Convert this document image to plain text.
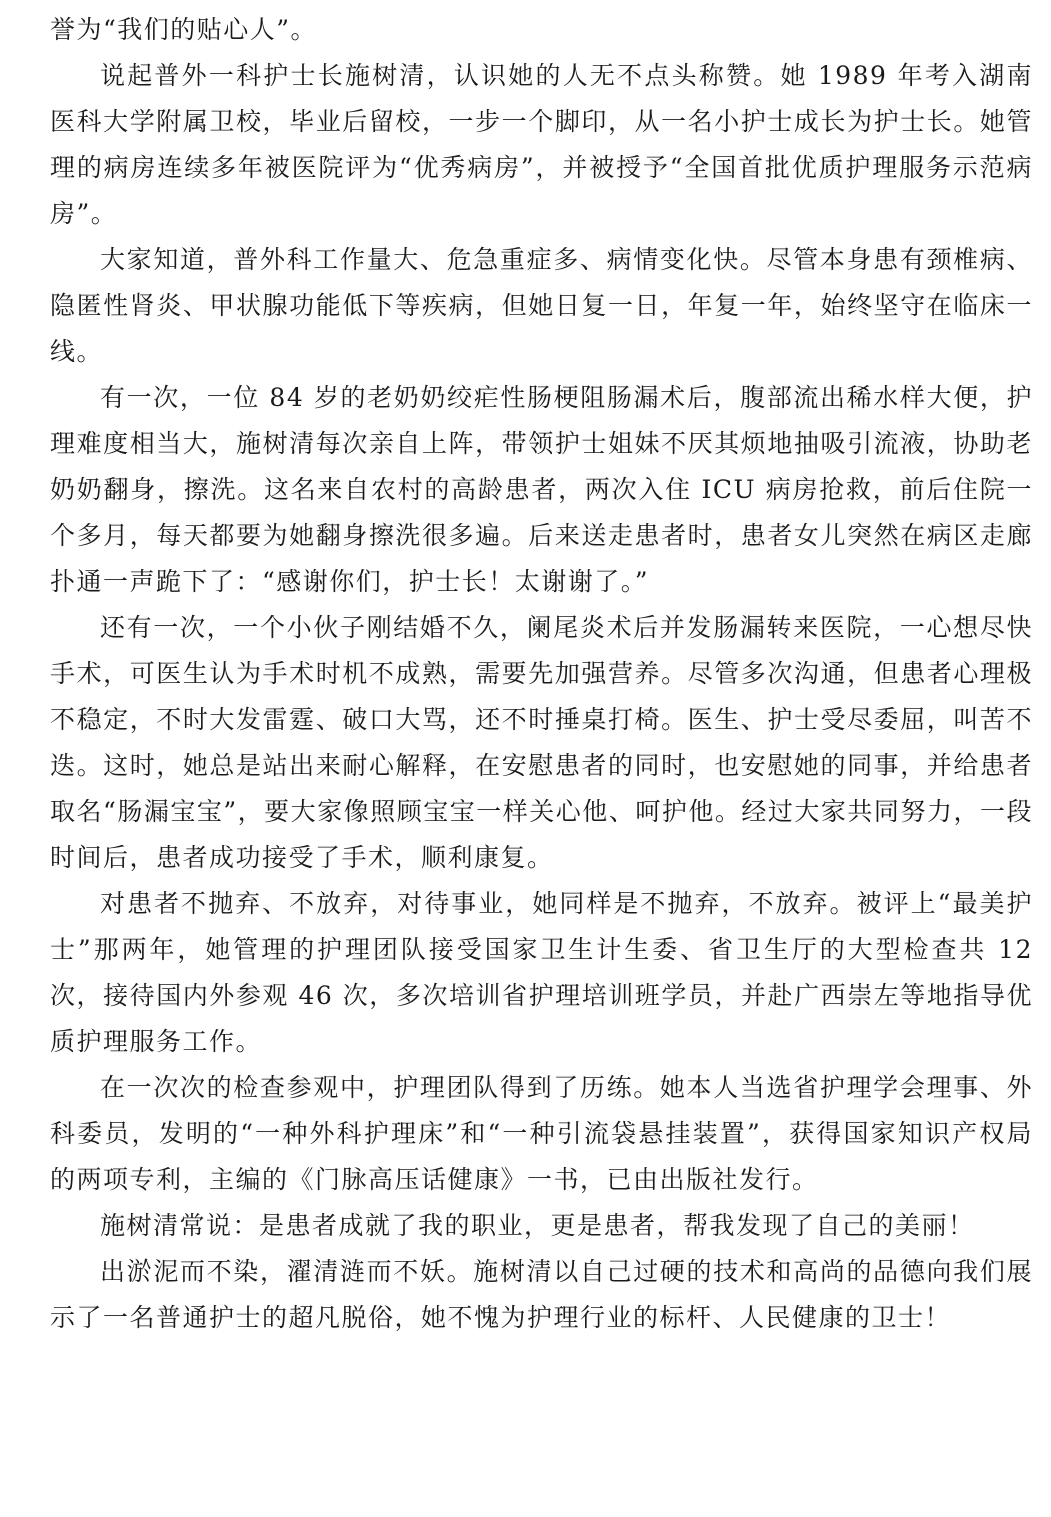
誉为“我们的贴心人”。

说起普外一科护士长施树清，认识她的人无不点头称赞。她 1989 年考入湖南医科大学附属卫校，毕业后留校，一步一个脚印，从一名小护士成长为护士长。她管理的病房连续多年被医院评为“优秀病房”，并被授予“全国首批优质护理服务示范病房”。

大家知道，普外科工作量大、危急重症多、病情变化快。尽管本身患有颈椎病、隐匿性肾炎、甲状腺功能低下等疾病，但她日复一日，年复一年，始终坚守在临床一线。

有一次，一位 84 岁的老奶奶绞疟性肠梗阻肠漏术后，腹部流出稀水样大便，护理难度相当大，施树清每次亲自上阵，带领护士姐妹不厌其烦地抽吸引流液，协助老奶奶翻身，擦洗。这名来自农村的高龄患者，两次入住 ICU 病房抢救，前后住院一个多月，每天都要为她翻身擦洗很多遍。后来送走患者时，患者女儿突然在病区走廊扑通一声跪下了：“感谢你们，护士长！太谢谢了。”

还有一次，一个小伙子刚结婚不久，阑尾炎术后并发肠漏转来医院，一心想尽快手术，可医生认为手术时机不成熟，需要先加强营养。尽管多次沟通，但患者心理极不稳定，不时大发雷霆、破口大骂，还不时捶桌打椅。医生、护士受尽委屈，叫苦不迭。这时，她总是站出来耐心解释，在安慰患者的同时，也安慰她的同事，并给患者取名“肠漏宝宝”，要大家像照顾宝宝一样关心他、呵护他。经过大家共同努力，一段时间后，患者成功接受了手术，顺利康复。

对患者不抛弃、不放弃，对待事业，她同样是不抛弃，不放弃。被评上“最美护士”那两年，她管理的护理团队接受国家卫生计生委、省卫生厅的大型检查共 12 次，接待国内外参观 46 次，多次培训省护理培训班学员，并赴广西崇左等地指导优质护理服务工作。

在一次次的检查参观中，护理团队得到了历练。她本人当选省护理学会理事、外科委员，发明的“一种外科护理床”和“一种引流袋悬挂装置”，获得国家知识产权局的两项专利，主编的《门脉高压话健康》一书，已由出版社发行。

施树清常说：是患者成就了我的职业，更是患者，帮我发现了自己的美丽！

出淤泥而不染，濯清涟而不妖。施树清以自己过硬的技术和高尚的品德向我们展示了一名普通护士的超凡脱俗，她不愧为护理行业的标杆、人民健康的卫士！
